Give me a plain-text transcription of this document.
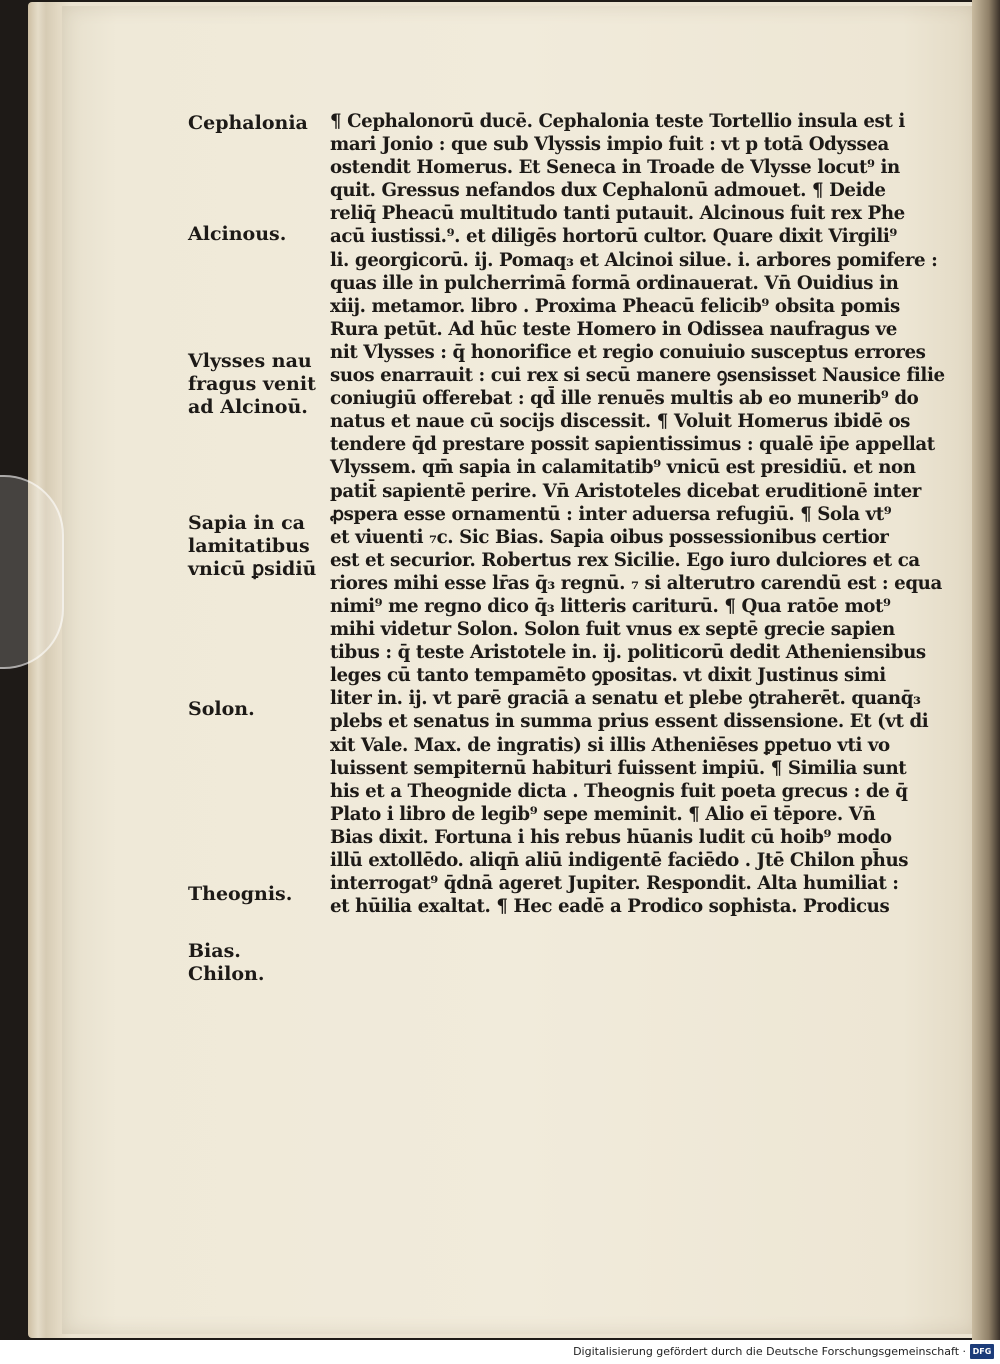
Cephalonia
Alcinous.
Vlysses nau
fragus venit
ad Alcinoū.
Sapia in ca
lamitatibus
vnicū ꝑsidiū
Solon.
Theognis.
Bias.
Chilon.
¶ Cephalonorū ducē. Cephalonia teste Tortellio insula est i
mari Jonio : que sub Vlyssis impio fuit : vt p totā Odyssea
ostendit Homerus. Et Seneca in Troade de Vlysse locut⁹ in
quit. Gressus nefandos dux Cephalonū admouet. ¶ Deide
reliq̄ Pheacū multitudo tanti putauit. Alcinous fuit rex Phe
acū iustissi.⁹. et diligēs hortorū cultor. Quare dixit Virgili⁹
li. georgicorū. ij. Pomaq₃ et Alcinoi silue. i. arbores pomifere :
quas ille in pulcherrimā formā ordinauerat. Vn̄ Ouidius in
xiij. metamor. libro . Proxima Pheacū felicib⁹ obsita pomis
Rura petūt. Ad hūc teste Homero in Odissea naufragus ve
nit Vlysses : q̄ honorifice et regio conuiuio susceptus errores
suos enarrauit : cui rex si secū manere ꝯsensisset Nausice filie
coniugiū offerebat : qd̄ ille renuēs multis ab eo munerib⁹ do
natus et naue cū socijs discessit. ¶ Voluit Homerus ibidē os
tendere q̄d prestare possit sapientissimus : qualē ip̄e appellat
Vlyssem. qm̄ sapia in calamitatib⁹ vnicū est presidiū. et non
patit̄ sapientē perire. Vn̄ Aristoteles dicebat eruditionē inter
ꝓspera esse ornamentū : inter aduersa refugiū. ¶ Sola vt⁹
et viuenti ₇c. Sic Bias. Sapia oibus possessionibus certior
est et securior. Robertus rex Sicilie. Ego iuro dulciores et ca
riores mihi esse lr̄as q̄₃ regnū. ₇ si alterutro carendū est : equa
nimi⁹ me regno dico q̄₃ litteris cariturū. ¶ Qua ratōe mot⁹
mihi videtur Solon. Solon fuit vnus ex septē grecie sapien
tibus : q̄ teste Aristotele in. ij. politicorū dedit Atheniensibus
leges cū tanto tempamēto ꝯpositas. vt dixit Justinus simi
liter in. ij. vt parē graciā a senatu et plebe ꝯtraherēt. quanq̄₃
plebs et senatus in summa prius essent dissensione. Et (vt di
xit Vale. Max. de ingratis) si illis Atheniēses ꝑpetuo vti vo
luissent sempiternū habituri fuissent impiū. ¶ Similia sunt
his et a Theognide dicta . Theognis fuit poeta grecus : de q̄
Plato i libro de legib⁹ sepe meminit. ¶ Alio eī tēpore. Vn̄
Bias dixit. Fortuna i his rebus hūanis ludit cū hoib⁹ modo
illū extollēdo. aliqn̄ aliū indigentē faciēdo . Jtē Chilon ph̄us
interrogat⁹ q̄dnā ageret Jupiter. Respondit. Alta humiliat :
et hūilia exaltat. ¶ Hec eadē a Prodico sophista. Prodicus
Digitalisierung gefördert durch die Deutsche Forschungsgemeinschaft · DFG
